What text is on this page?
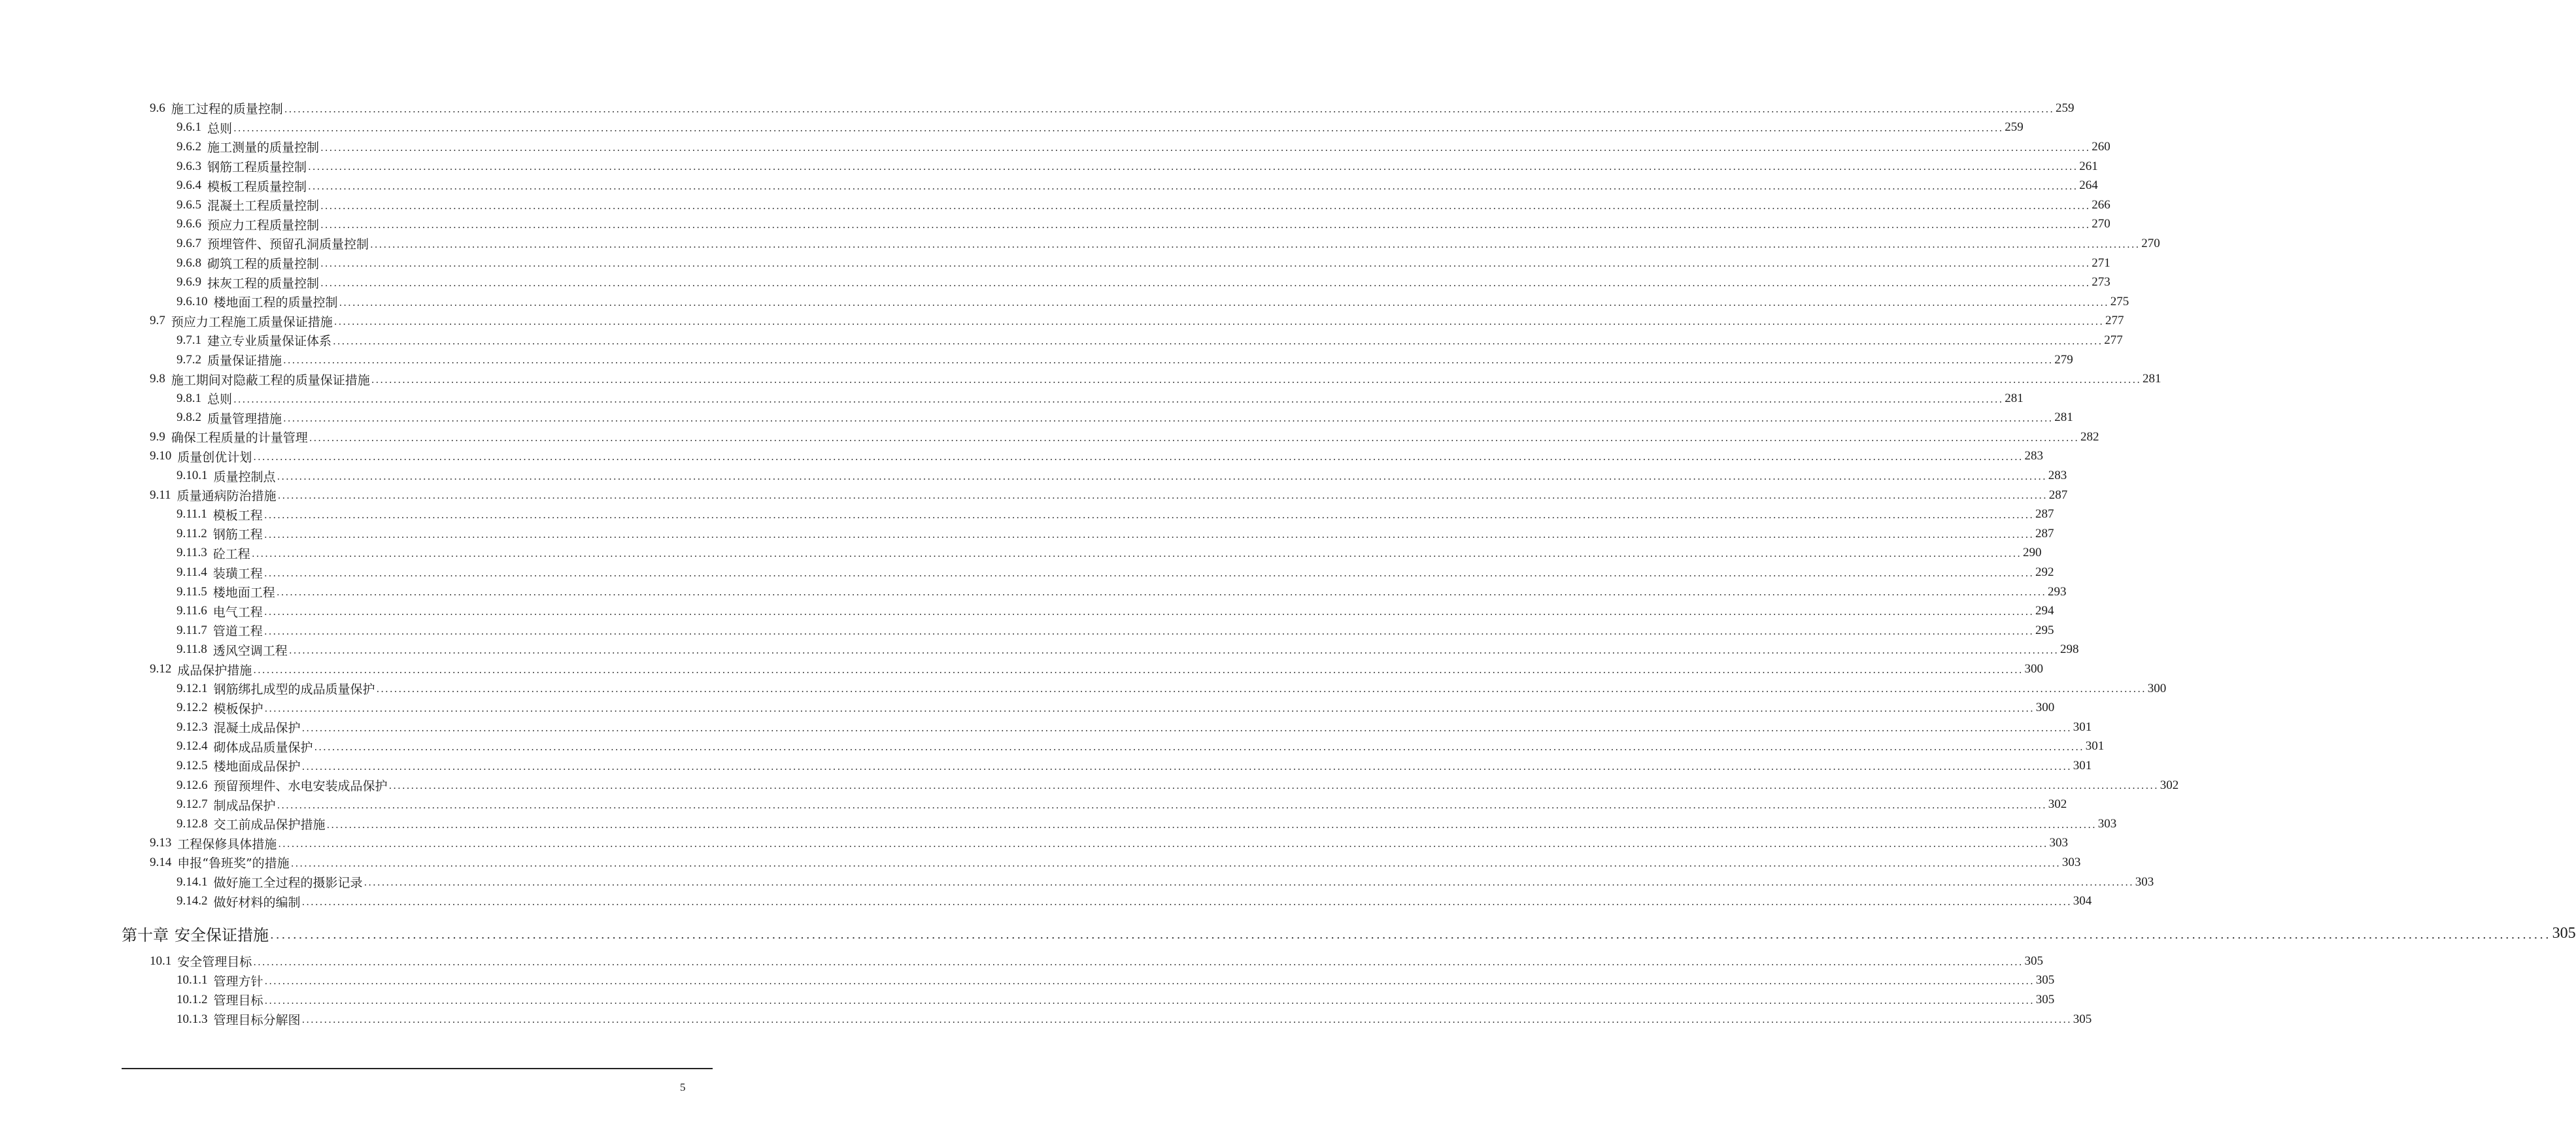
9.6 施工过程的质量控制 ................................................................................................................................................................................................................................................................................................................................................................................................................ 259
9.6.1 总则 ................................................................................................................................................................................................................................................................................................................................................................................................................ 259
9.6.2 施工测量的质量控制 ................................................................................................................................................................................................................................................................................................................................................................................................................ 260
9.6.3 钢筋工程质量控制 ................................................................................................................................................................................................................................................................................................................................................................................................................ 261
9.6.4 模板工程质量控制 ................................................................................................................................................................................................................................................................................................................................................................................................................ 264
9.6.5 混凝土工程质量控制 ................................................................................................................................................................................................................................................................................................................................................................................................................ 266
9.6.6 预应力工程质量控制 ................................................................................................................................................................................................................................................................................................................................................................................................................ 270
9.6.7 预埋管件、预留孔洞质量控制 ................................................................................................................................................................................................................................................................................................................................................................................................................ 270
9.6.8 砌筑工程的质量控制 ................................................................................................................................................................................................................................................................................................................................................................................................................ 271
9.6.9 抹灰工程的质量控制 ................................................................................................................................................................................................................................................................................................................................................................................................................ 273
9.6.10 楼地面工程的质量控制 ................................................................................................................................................................................................................................................................................................................................................................................................................ 275
9.7 预应力工程施工质量保证措施 ................................................................................................................................................................................................................................................................................................................................................................................................................ 277
9.7.1 建立专业质量保证体系 ................................................................................................................................................................................................................................................................................................................................................................................................................ 277
9.7.2 质量保证措施 ................................................................................................................................................................................................................................................................................................................................................................................................................ 279
9.8 施工期间对隐蔽工程的质量保证措施 ................................................................................................................................................................................................................................................................................................................................................................................................................ 281
9.8.1 总则 ................................................................................................................................................................................................................................................................................................................................................................................................................ 281
9.8.2 质量管理措施 ................................................................................................................................................................................................................................................................................................................................................................................................................ 281
9.9 确保工程质量的计量管理 ................................................................................................................................................................................................................................................................................................................................................................................................................ 282
9.10 质量创优计划 ................................................................................................................................................................................................................................................................................................................................................................................................................ 283
9.10.1 质量控制点 ................................................................................................................................................................................................................................................................................................................................................................................................................ 283
9.11 质量通病防治措施 ................................................................................................................................................................................................................................................................................................................................................................................................................ 287
9.11.1 模板工程 ................................................................................................................................................................................................................................................................................................................................................................................................................ 287
9.11.2 钢筋工程 ................................................................................................................................................................................................................................................................................................................................................................................................................ 287
9.11.3 砼工程 ................................................................................................................................................................................................................................................................................................................................................................................................................ 290
9.11.4 装璜工程 ................................................................................................................................................................................................................................................................................................................................................................................................................ 292
9.11.5 楼地面工程 ................................................................................................................................................................................................................................................................................................................................................................................................................ 293
9.11.6 电气工程 ................................................................................................................................................................................................................................................................................................................................................................................................................ 294
9.11.7 管道工程 ................................................................................................................................................................................................................................................................................................................................................................................................................ 295
9.11.8 透风空调工程 ................................................................................................................................................................................................................................................................................................................................................................................................................ 298
9.12 成品保护措施 ................................................................................................................................................................................................................................................................................................................................................................................................................ 300
9.12.1 钢筋绑扎成型的成品质量保护 ................................................................................................................................................................................................................................................................................................................................................................................................................ 300
9.12.2 模板保护 ................................................................................................................................................................................................................................................................................................................................................................................................................ 300
9.12.3 混凝土成品保护 ................................................................................................................................................................................................................................................................................................................................................................................................................ 301
9.12.4 砌体成品质量保护 ................................................................................................................................................................................................................................................................................................................................................................................................................ 301
9.12.5 楼地面成品保护 ................................................................................................................................................................................................................................................................................................................................................................................................................ 301
9.12.6 预留预埋件、水电安装成品保护 ................................................................................................................................................................................................................................................................................................................................................................................................................ 302
9.12.7 制成品保护 ................................................................................................................................................................................................................................................................................................................................................................................................................ 302
9.12.8 交工前成品保护措施 ................................................................................................................................................................................................................................................................................................................................................................................................................ 303
9.13 工程保修具体措施 ................................................................................................................................................................................................................................................................................................................................................................................................................ 303
9.14 申报“鲁班奖”的措施 ................................................................................................................................................................................................................................................................................................................................................................................................................ 303
9.14.1 做好施工全过程的摄影记录 ................................................................................................................................................................................................................................................................................................................................................................................................................ 303
9.14.2 做好材料的编制 ................................................................................................................................................................................................................................................................................................................................................................................................................ 304
第十章 安全保证措施 ................................................................................................................................................................................................................................................................................................................................................................................................................ 305
10.1 安全管理目标 ................................................................................................................................................................................................................................................................................................................................................................................................................ 305
10.1.1 管理方针 ................................................................................................................................................................................................................................................................................................................................................................................................................ 305
10.1.2 管理目标 ................................................................................................................................................................................................................................................................................................................................................................................................................ 305
10.1.3 管理目标分解图 ................................................................................................................................................................................................................................................................................................................................................................................................................ 305
5
